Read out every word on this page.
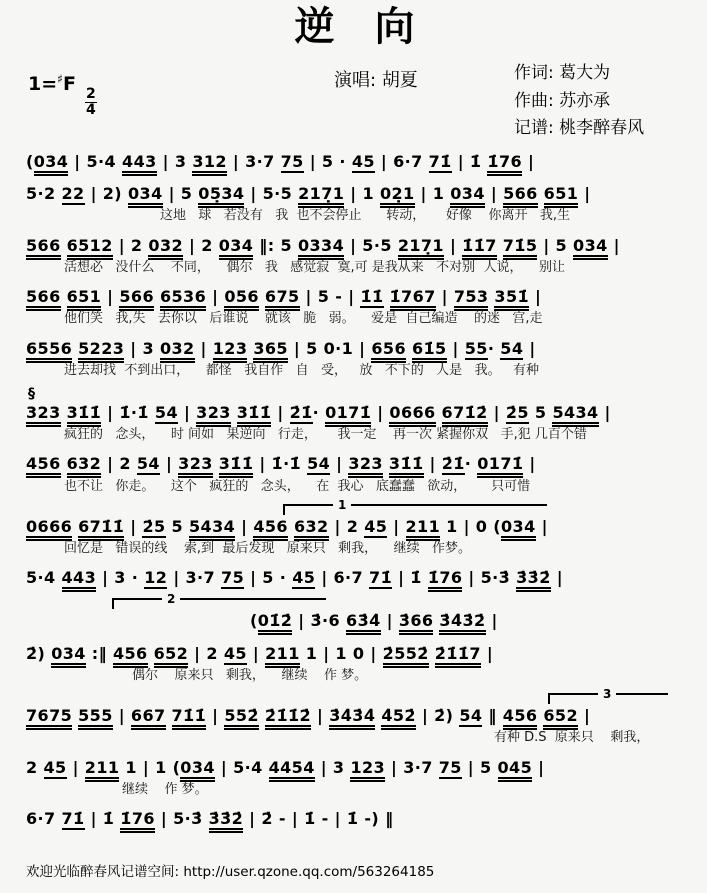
逆　向
1=♯F
$\frac{2}{4}$
演唱: 胡夏	作词: 葛大为
作曲: 苏亦承
记谱: 桃李醉春风
(034 | 5·4 443 | 3 312 | 3·7 75 | 5 · 45 | 6·7 71̇ | 1̇ 1̇76 |
5·2 22 | 2) 034 | 5 05̣34 | 5·5 217̣1 | 1 02̣1 | 1 034 | 566 651 |
这地   球   若没有   我  也不会停止      转动，     好像    你离开   我,生
566 6512 | 2 032 | 2 034 ‖: 5 0334 | 5·5 217̣1 | 1̇1̇7 71̇5 | 5 034 |
活想必   没什么    不同，    偶尔   我   感觉寂  寞,可 是我从来   不对别  人说，    别让
566 651 | 566 6536 | 056 675 | 5 - | 1̇1̇ 1̇767 | 753 351̇ |
他们笑   我,失   去你以   后谁说    就该   脆   弱。    爱是  自己编造    的迷   宫,走
6556 5223 | 3 032 | 123 365 | 5 0·1 | 656 61̇5 | 55· 54 |
进去却找  不到出口，    都怪   我自作   自   受，   放   不下的   人是   我。   有种
§
323 31̇1̇ | 1̇·1̇ 54 | 323 31̇1̇ | 2̇1̇· 0171̇ | 0666 671̇2̇ | 2̇5 5 5434 |
疯狂的   念头，    时 间如   果逆向   行走，     我一定    再一次 紧握你双   手,犯 几百个错
456 632 | 2 54 | 323 31̇1̇ | 1̇·1̇ 54 | 323 31̇1̇ | 2̇1̇· 0171̇ |
也不让   你走。    这个   疯狂的   念头，    在  我心   底蠢蠢   欲动，      只可惜
1
0666 671̇1̇ | 2̇5 5 5434 | 456 632 | 2 45 | 211 1 | 0 (034 |
回忆是   错误的线    索,到  最后发现   原来只   剩我，    继续   作梦。
5·4 443 | 3 · 12 | 3·7 75 | 5 · 45 | 6·7 71̇ | 1̇ 1̇76 | 5·3̇ 3̇3̇2̇ |
2
(01̇2̇ | 3̇·6 63̇4̇ | 3̇66 3̇4̇3̇2̇ |
2̇) 034 :‖ 456 652 | 2 45 | 211 1 | 1 0 | 2̇552̇ 2̇1̇1̇7 |
偶尔    原来只   剩我，    继续    作 梦。
3
7675 555 | 667 71̇1̇ | 552̇ 2̇1̇1̇2̇ | 3̇4̇3̇4̇ 4̇52̇ | 2̇) 54 ‖ 456 652 |
有种 D.S  原来只    剩我，
2 45 | 211 1 | 1 (034 | 5·4 4454 | 3 123 | 3·7 75 | 5 045 |
继续    作 梦。
6·7 71̇ | 1̇ 1̇76 | 5·3̇ 3̇3̇2̇ | 2̇ - | 1̇ - | 1̇ -) ‖
欢迎光临醉春风记谱空间: http://user.qzone.qq.com/563264185
